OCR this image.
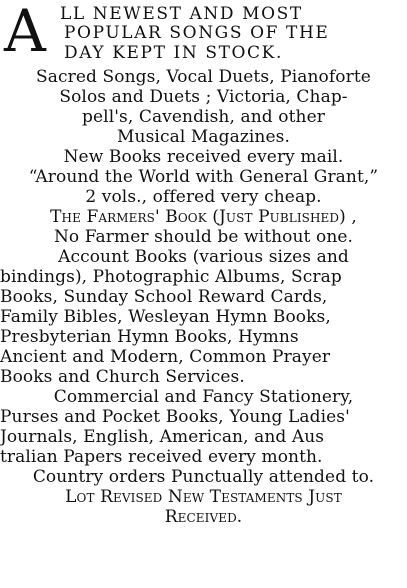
A LL NEWEST AND MOST
POPULAR SONGS OF THE
DAY KEPT IN STOCK.
Sacred Songs, Vocal Duets, Pianoforte
Solos and Duets ; Victoria, Chap-
pell's, Cavendish, and other
Musical Magazines.
New Books received every mail.
“Around the World with General Grant,”
2 vols., offered very cheap.
The Farmers' Book (Just Published) ,
No Farmer should be without one.
Account Books (various sizes and
bindings), Photographic Albums, Scrap
Books, Sunday School Reward Cards,
Family Bibles, Wesleyan Hymn Books,
Presbyterian Hymn Books, Hymns
Ancient and Modern, Common Prayer
Books and Church Services.
Commercial and Fancy Stationery,
Purses and Pocket Books, Young Ladies'
Journals, English, American, and Aus
tralian Papers received every month.
Country orders Punctually attended to.
Lot Revised New Testaments Just
Received.
